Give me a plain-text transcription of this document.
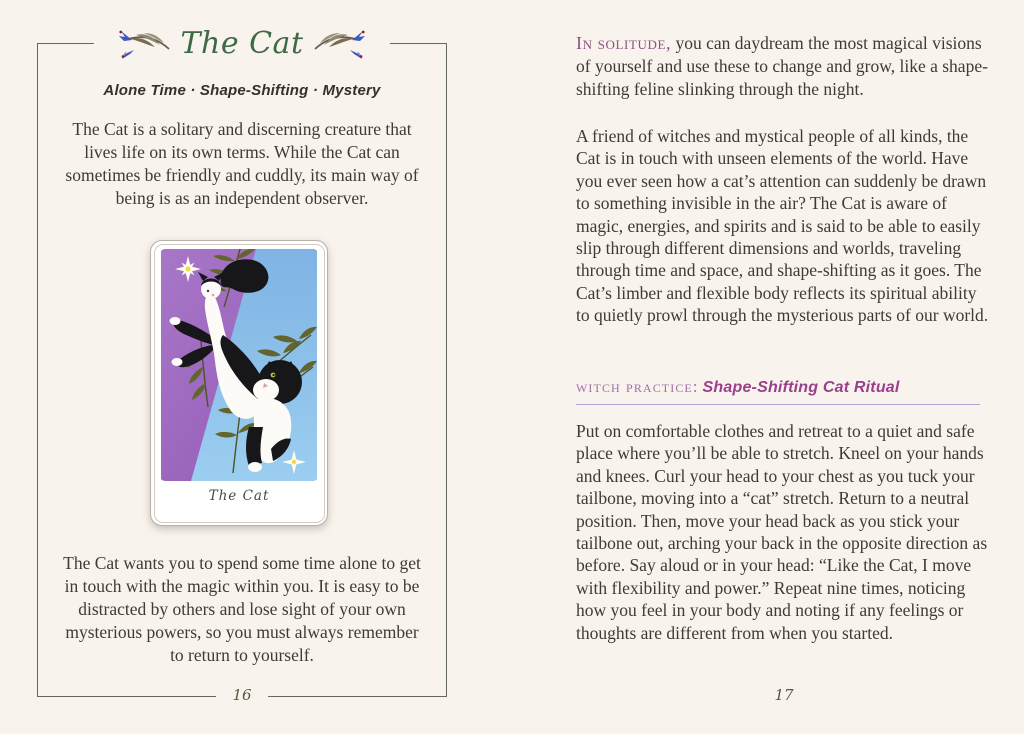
The Cat
Alone Time · Shape-Shifting · Mystery
The Cat is a solitary and discerning creature that lives life on its own terms. While the Cat can sometimes be friendly and cuddly, its main way of being is as an independent observer.
The Cat
The Cat wants you to spend some time alone to get in touch with the magic within you. It is easy to be distracted by others and lose sight of your own mysterious powers, so you must always remember to return to yourself.
16
In solitude, you can daydream the most magical visions of yourself and use these to change and grow, like a shape-shifting feline slinking through the night.
A friend of witches and mystical people of all kinds, the Cat is in touch with unseen elements of the world. Have you ever seen how a cat’s attention can suddenly be drawn to something invisible in the air? The Cat is aware of magic, energies, and spirits and is said to be able to easily slip through different dimensions and worlds, traveling through time and space, and shape-shifting as it goes. The Cat’s limber and flexible body reflects its spiritual ability to quietly prowl through the mysterious parts of our world.
witch practice: Shape-Shifting Cat Ritual
Put on comfortable clothes and retreat to a quiet and safe place where you’ll be able to stretch. Kneel on your hands and knees. Curl your head to your chest as you tuck your tailbone, moving into a “cat” stretch. Return to a neutral position. Then, move your head back as you stick your tailbone out, arching your back in the opposite direction as before. Say aloud or in your head: “Like the Cat, I move with flexibility and power.” Repeat nine times, noticing how you feel in your body and noting if any feelings or thoughts are different from when you started.
17
